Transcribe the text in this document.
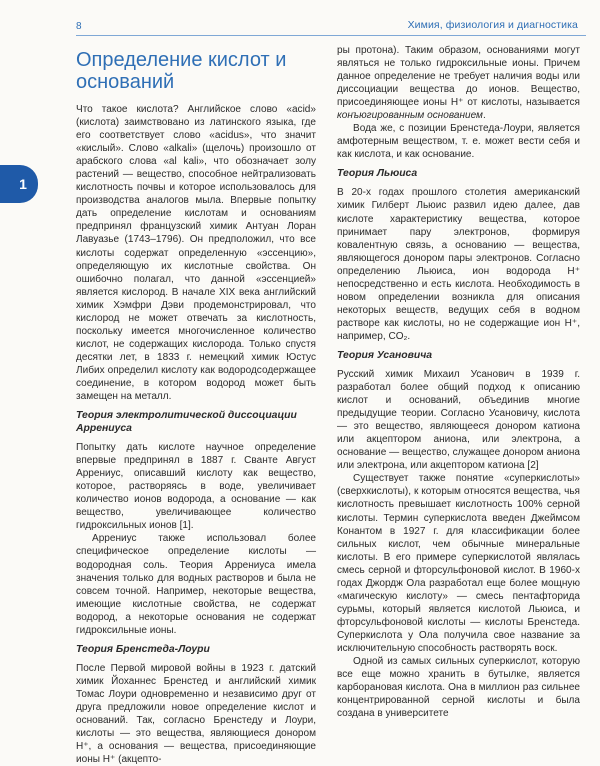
8	Химия, физиология и диагностика
1
Определение кислот и оснований

Что такое кислота? Английское слово «acid» (кислота) заимствовано из латинского языка, где его соответствует слово «acidus», что значит «кислый». Слово «alkali» (щелочь) произошло от арабского слова «al kali», что обозначает золу растений — вещество, способное нейтрализовать кислотность почвы и которое использовалось для производства аналогов мыла. Впервые попытку дать определение кислотам и основаниям предпринял французский химик Антуан Лоран Лавуазье (1743–1796). Он предположил, что все кислоты содержат определенную «эссенцию», определяющую их кислотные свойства. Он ошибочно полагал, что данной «эссенцией» является кислород. В начале XIX века английский химик Хэмфри Дэви продемонстрировал, что кислород не может отвечать за кислотность, поскольку имеется многочисленное количество кислот, не содержащих кислорода. Только спустя десятки лет, в 1833 г. немецкий химик Юстус Либих определил кислоту как водородсодержащее соединение, в котором водород может быть замещен на металл.

Теория электролитической диссоциации Аррениуса

Попытку дать кислоте научное определение впервые предпринял в 1887 г. Сванте Август Аррениус, описавший кислоту как вещество, которое, растворяясь в воде, увеличивает количество ионов водорода, а основание — как вещество, увеличивающее количество гидроксильных ионов [1].

Аррениус также использовал более специфическое определение кислоты — водородная соль. Теория Аррениуса имела значения только для водных растворов и была не совсем точной. Например, некоторые вещества, имеющие кислотные свойства, не содержат водород, а некоторые основания не содержат гидроксильные ионы.

Теория Бренстеда-Лоури

После Первой мировой войны в 1923 г. датский химик Йоханнес Бренстед и английский химик Томас Лоури одновременно и независимо друг от друга предложили новое определение кислот и оснований. Так, согласно Бренстеду и Лоури, кислоты — это вещества, являющиеся донором H⁺, а основания — вещества, присоединяющие ионы H⁺ (акцепто-

ры протона). Таким образом, основаниями могут являться не только гидроксильные ионы. Причем данное определение не требует наличия воды или диссоциации вещества до ионов. Вещество, присоединяющее ионы H⁺ от кислоты, называется конъюгированным основанием.

Вода же, с позиции Бренстеда-Лоури, является амфотерным веществом, т. е. может вести себя и как кислота, и как основание.

Теория Льюиса

В 20-х годах прошлого столетия американский химик Гилберт Льюис развил идею далее, дав кислоте характеристику вещества, которое принимает пару электронов, формируя ковалентную связь, а основанию — вещества, являющегося донором пары электронов. Согласно определению Льюиса, ион водорода H⁺ непосредственно и есть кислота. Необходимость в новом определении возникла для описания некоторых веществ, ведущих себя в водном растворе как кислоты, но не содержащие ион H⁺, например, CO₂.

Теория Усановича

Русский химик Михаил Усанович в 1939 г. разработал более общий подход к описанию кислот и оснований, объединив многие предыдущие теории. Согласно Усановичу, кислота — это вещество, являющееся донором катиона или акцептором аниона, или электрона, а основание — вещество, служащее донором аниона или электрона, или акцептором катиона [2]

Существует также понятие «суперкислоты» (сверхкислоты), к которым относятся вещества, чья кислотность превышает кислотность 100% серной кислоты. Термин суперкислота введен Джеймсом Конантом в 1927 г. для классификации более сильных кислот, чем обычные минеральные кислоты. В его примере суперкислотой являлась смесь серной и фторсульфоновой кислот. В 1960-х годах Джордж Ола разработал еще более мощную «магическую кислоту» — смесь пентафторида сурьмы, который является кислотой Льюиса, и фторсульфоновой кислоты — кислоты Бренстеда. Суперкислота у Ола получила свое название за исключительную способность растворять воск.

Одной из самых сильных суперкислот, которую все еще можно хранить в бутылке, является карборановая кислота. Она в миллион раз сильнее концентрированной серной кислоты и была создана в университете
